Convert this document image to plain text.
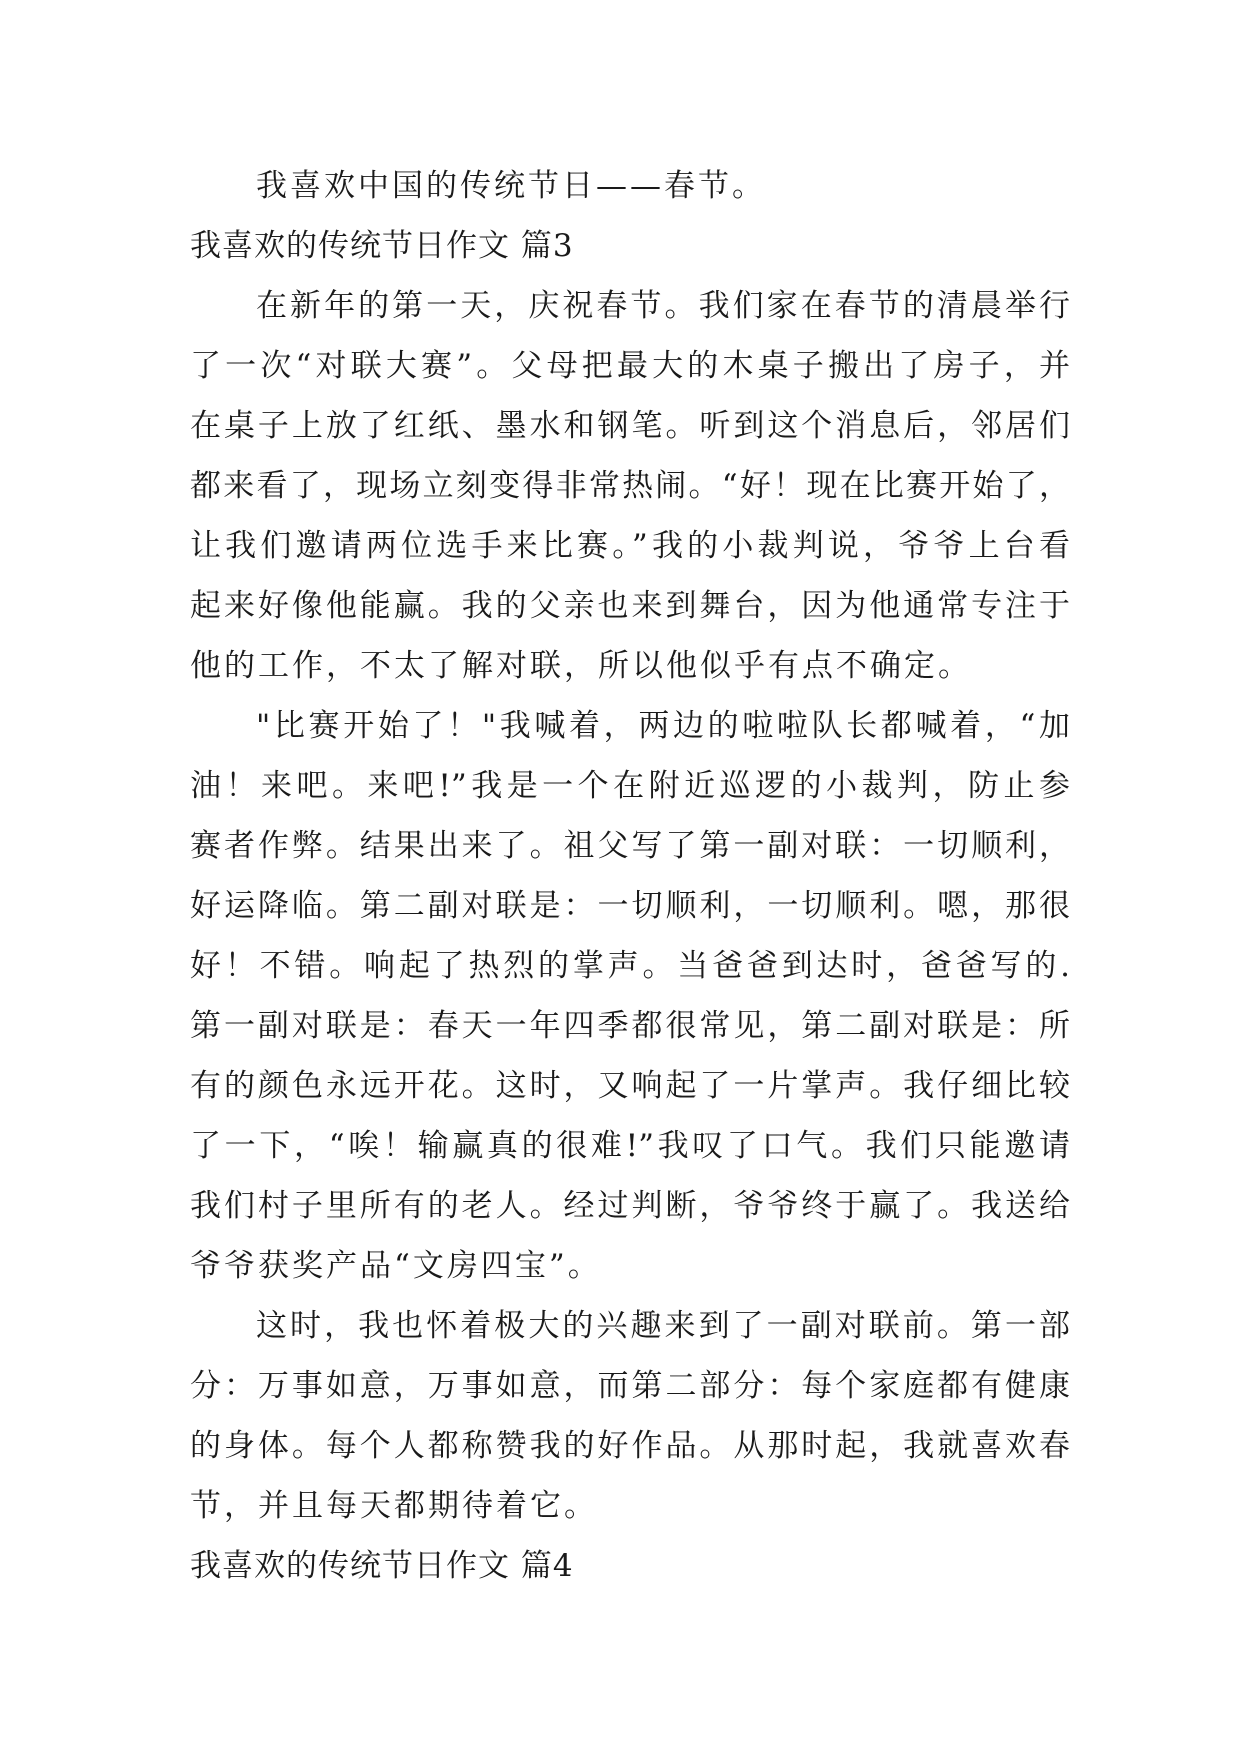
我喜欢中国的传统节日——春节。
我喜欢的传统节日作文 篇3
在新年的第一天，庆祝春节。我们家在春节的清晨举行
了一次“对联大赛”。父母把最大的木桌子搬出了房子，并
在桌子上放了红纸、墨水和钢笔。听到这个消息后，邻居们
都来看了，现场立刻变得非常热闹。“好！现在比赛开始了，
让我们邀请两位选手来比赛。”我的小裁判说，爷爷上台看
起来好像他能赢。我的父亲也来到舞台，因为他通常专注于
他的工作，不太了解对联，所以他似乎有点不确定。
"比赛开始了！"我喊着，两边的啦啦队长都喊着，“加
油！来吧。来吧!”我是一个在附近巡逻的小裁判，防止参
赛者作弊。结果出来了。祖父写了第一副对联：一切顺利，
好运降临。第二副对联是：一切顺利，一切顺利。嗯，那很
好！不错。响起了热烈的掌声。当爸爸到达时，爸爸写的.
第一副对联是：春天一年四季都很常见，第二副对联是：所
有的颜色永远开花。这时，又响起了一片掌声。我仔细比较
了一下，“唉！输赢真的很难!”我叹了口气。我们只能邀请
我们村子里所有的老人。经过判断，爷爷终于赢了。我送给
爷爷获奖产品“文房四宝”。
这时，我也怀着极大的兴趣来到了一副对联前。第一部
分：万事如意，万事如意，而第二部分：每个家庭都有健康
的身体。每个人都称赞我的好作品。从那时起，我就喜欢春
节，并且每天都期待着它。
我喜欢的传统节日作文 篇4
